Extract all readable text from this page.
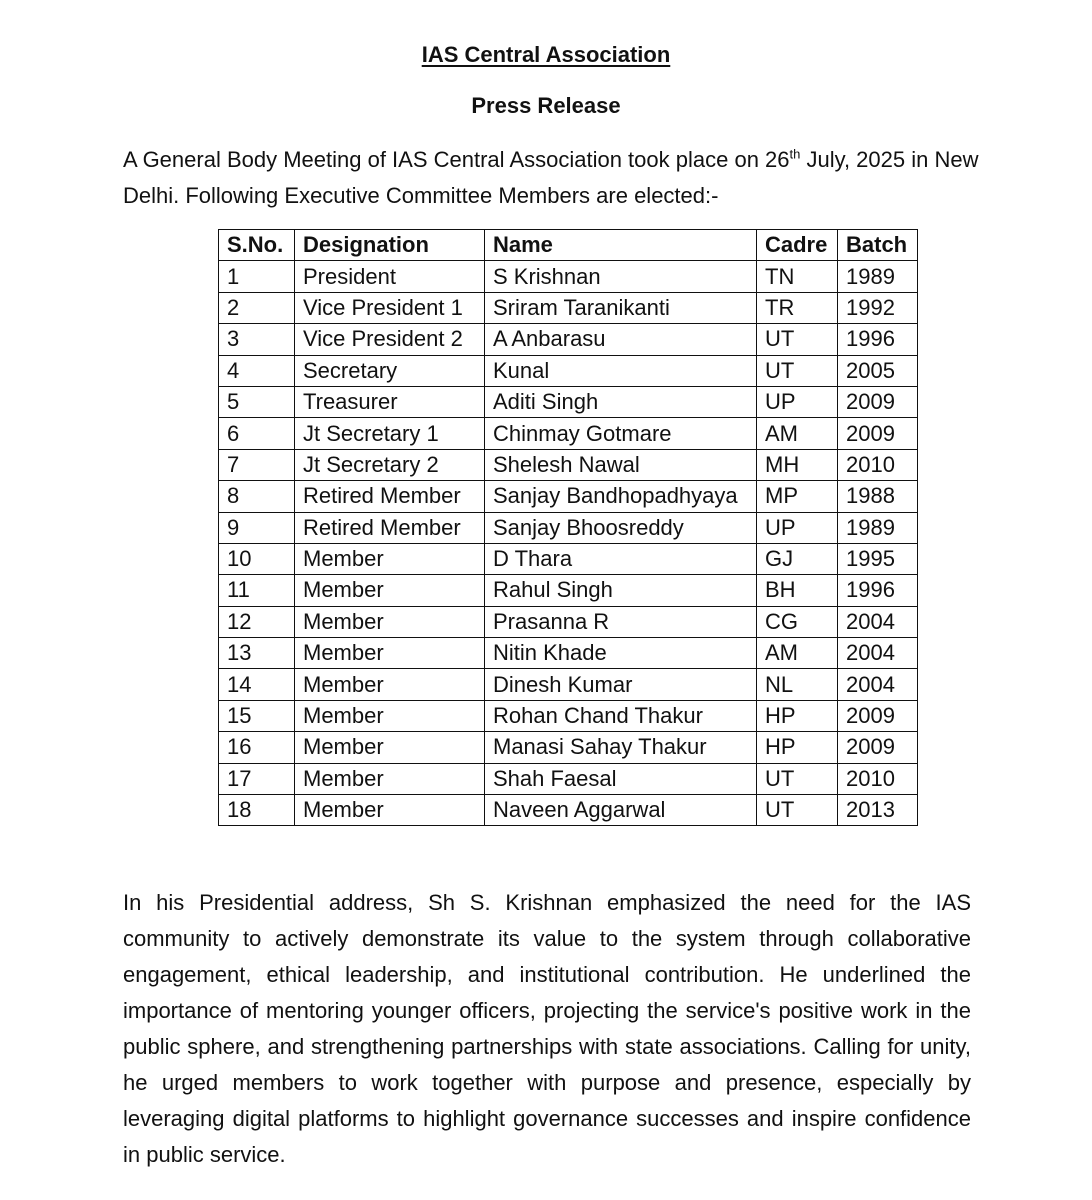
IAS Central Association
Press Release

A General Body Meeting of IAS Central Association took place on 26th July, 2025 in New Delhi. Following Executive Committee Members are elected:-

S.No.	Designation	Name	Cadre	Batch
1	President	S Krishnan	TN	1989
2	Vice President 1	Sriram Taranikanti	TR	1992
3	Vice President 2	A Anbarasu	UT	1996
4	Secretary	Kunal	UT	2005
5	Treasurer	Aditi Singh	UP	2009
6	Jt Secretary 1	Chinmay Gotmare	AM	2009
7	Jt Secretary 2	Shelesh Nawal	MH	2010
8	Retired Member	Sanjay Bandhopadhyaya	MP	1988
9	Retired Member	Sanjay Bhoosreddy	UP	1989
10	Member	D Thara	GJ	1995
11	Member	Rahul Singh	BH	1996
12	Member	Prasanna R	CG	2004
13	Member	Nitin Khade	AM	2004
14	Member	Dinesh Kumar	NL	2004
15	Member	Rohan Chand Thakur	HP	2009
16	Member	Manasi Sahay Thakur	HP	2009
17	Member	Shah Faesal	UT	2010
18	Member	Naveen Aggarwal	UT	2013

In his Presidential address, Sh S. Krishnan emphasized the need for the IAS community to actively demonstrate its value to the system through collaborative engagement, ethical leadership, and institutional contribution. He underlined the importance of mentoring younger officers, projecting the service's positive work in the public sphere, and strengthening partnerships with state associations. Calling for unity, he urged members to work together with purpose and presence, especially by leveraging digital platforms to highlight governance successes and inspire confidence in public service.
